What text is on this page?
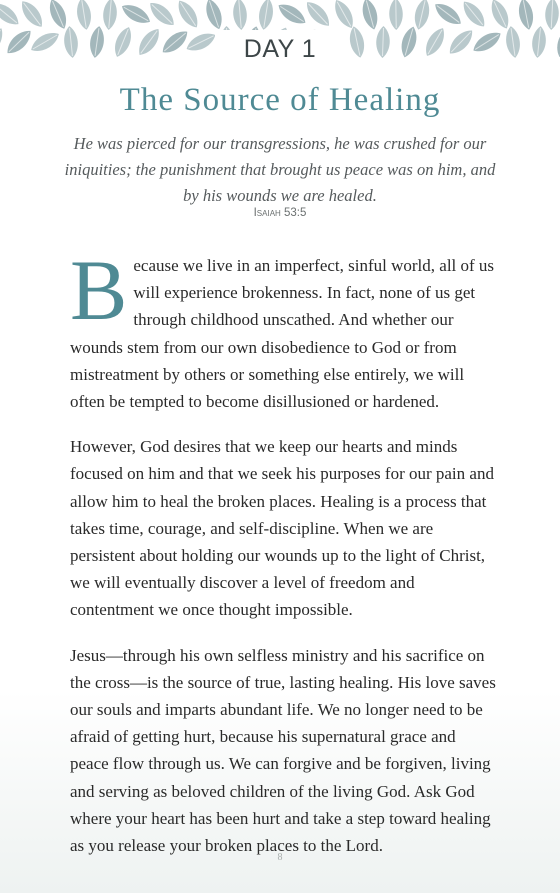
DAY 1
The Source of Healing
He was pierced for our transgressions, he was crushed for our iniquities; the punishment that brought us peace was on him, and by his wounds we are healed.
Isaiah 53:5

Because we live in an imperfect, sinful world, all of us will experience brokenness. In fact, none of us get through childhood unscathed. And whether our wounds stem from our own disobedience to God or from mistreatment by others or something else entirely, we will often be tempted to become disillusioned or hardened.

However, God desires that we keep our hearts and minds focused on him and that we seek his purposes for our pain and allow him to heal the broken places. Healing is a process that takes time, courage, and self-discipline. When we are persistent about holding our wounds up to the light of Christ, we will eventually discover a level of freedom and contentment we once thought impossible.

Jesus—through his own selfless ministry and his sacrifice on the cross—is the source of true, lasting healing. His love saves our souls and imparts abundant life. We no longer need to be afraid of getting hurt, because his supernatural grace and peace flow through us. We can forgive and be forgiven, living and serving as beloved children of the living God. Ask God where your heart has been hurt and take a step toward healing as you release your broken places to the Lord.

8
